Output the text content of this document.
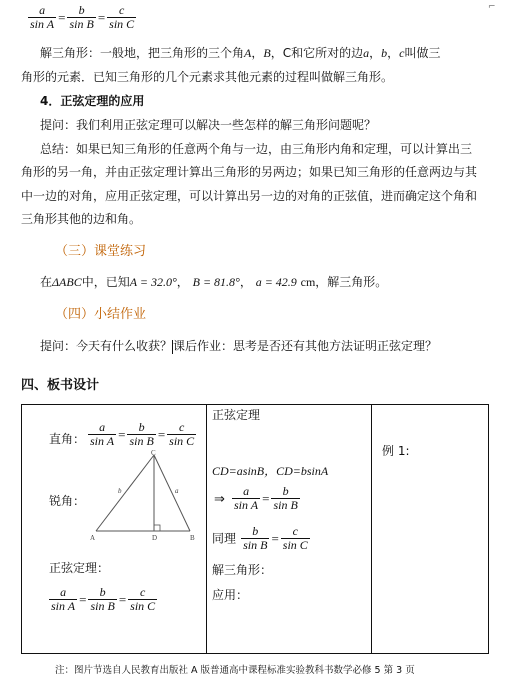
⌐
$\frac{a}{\text{sin A}} = \frac{b}{\text{sin B}} = \frac{c}{\text{sin C}}$
解三角形：一般地，把三角形的三个角A，B，C和它所对的边a，b，c叫做三
角形的元素．已知三角形的几个元素求其他元素的过程叫做解三角形。
4．正弦定理的应用
提问：我们利用正弦定理可以解决一些怎样的解三角形问题呢？
总结：如果已知三角形的任意两个角与一边，由三角形内角和定理，可以计算出三
角形的另一角，并由正弦定理计算出三角形的另两边；如果已知三角形的任意两边与其
中一边的对角，应用正弦定理，可以计算出另一边的对角的正弦值，进而确定这个角和
三角形其他的边和角。
（三）课堂练习
在ΔABC中，已知A = 32.0°， B = 81.8°， a = 42.9 cm，解三角形。
（四）小结作业
提问：今天有什么收获？课后作业：思考是否还有其他方法证明正弦定理？
四、板书设计
直角： $\frac{a}{\text{sin A}} = \frac{b}{\text{sin B}} = \frac{c}{\text{sin C}}$
锐角：
C
A	B
D
b	a
正弦定理：
$\frac{a}{\text{sin A}} = \frac{b}{\text{sin B}} = \frac{c}{\text{sin C}}$
正弦定理
CD=asinB，CD=bsinA
⇒ $\frac{a}{\text{sin A}} = \frac{b}{\text{sin B}}$
同理 $\frac{b}{\text{sin B}} = \frac{c}{\text{sin C}}$
解三角形：
应用：
例 1:
注：图片节选自人民教育出版社 A 版普通高中课程标准实验教科书数学必修 5 第 3 页
